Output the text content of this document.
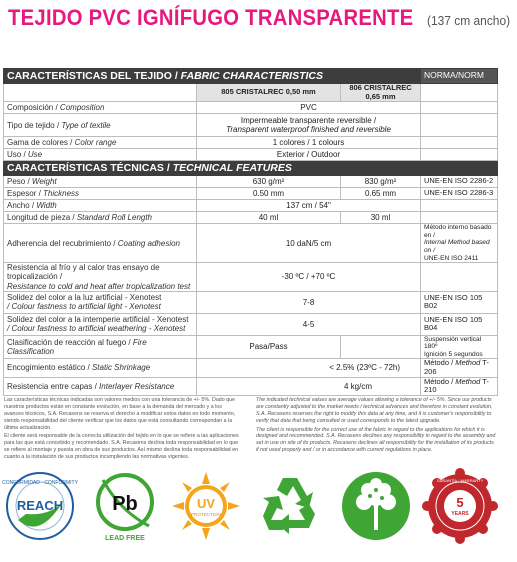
TEJIDO PVC IGNÍFUGO TRANSPARENTE (137 cm ancho)
CARACTERÍSTICAS DEL TEJIDO / FABRIC CHARACTERISTICS			NORMA/NORM
	805 CRISTALREC 0,50 mm	806 CRISTALREC 0,65 mm	
Composición / Composition	PVC		
Tipo de tejido / Type of textile	Impermeable transparente reversible /
Transparent waterproof finished and reversible		

Gama de colores / Color range	1 colores / 1 colours		
Uso / Use	Exterior / Outdoor		
CARACTERÍSTICAS TÉCNICAS / TECHNICAL FEATURES			
Peso / Weight	630 g/m²	830 g/m²	UNE-EN ISO 2286-2
Espesor / Thickness	0.50 mm	0.65 mm	UNE-EN ISO 2286-3
Ancho / Width	137 cm / 54"		
Longitud de pieza / Standard Roll Length	40 ml	30 ml	
Adherencia del recubrimiento / Coating adhesion	10 daN/5 cm		Método interno basado en /
Internal Method based on /
UNE-EN ISO 2411

Resistencia al frío y al calor tras ensayo de tropicalización /
Resistance to cold and heat after tropicalization test	-30 ºC / +70 ºC		

Solidez del color a la luz artificial - Xenotest
/ Colour fastness to artificial light - Xenotest	7-8		UNE-EN ISO 105 B02

Solidez del color a la intemperie artificial - Xenotest
/ Colour fastness to artificial weathering - Xenotest	4-5		UNE-EN ISO 105 B04
Clasificación de reacción al fuego / Fire Classification	Pasa/Pass		Suspensión vertical 180º
Ignición 5 segundos

Encogimiento estático / Static Shrinkage	< 2.5% (23ºC - 72h)		Método / Method T-206
Resistencia entre capas / Interlayer Resistance	4 kg/cm		Método / Method T-210

Las características técnicas indicadas son valores medios con una tolerancia de +/- 5%. Dado que nuestros productos están en constante evolución, en base a la demanda del mercado y a los avances técnicos, S.A. Recasens se reserva el derecho a modificar estos datos en todo momento, siendo responsabilidad del cliente verificar que los datos que está consultando correspondan a la última actualización.

El cliente será responsable de la correcta utilización del tejido en lo que se refiere a las aplicaciones para las que está concebido y recomendado. S.A. Recasens declina toda responsabilidad en lo que se refiere al montaje y puesta en obra de sus productos. Así mismo declina toda responsabilidad en cuanto a la instalación de sus productos incumpliendo las normativas vigentes.

The indicated technical values are average values allowing a tolerance of +/- 5%. Since our products are constantly adjusted to the market needs / technical advances and therefore in constant evolution, S.A. Recasens reserves the right to modify this data at any time, and it is customer's responsibility to verify that data that being consulted or used corresponds to the latest upgrade.

The client is responsible for the correct use of the fabric in regard to the applications for which it is designed and recommended. S.A. Recasens declines any responsibility in regard to the assembly and set in use on site of its products. Recasens declines all responsibility for the installation of its products if not used properly and / or in accordance with current regulations in place.

CONFORMIDAD · CONFORMITY
REACH Pb
LEAD FREE
UV
PROTECTION
5
YEARS
GARANTÍA · WARRANTY
